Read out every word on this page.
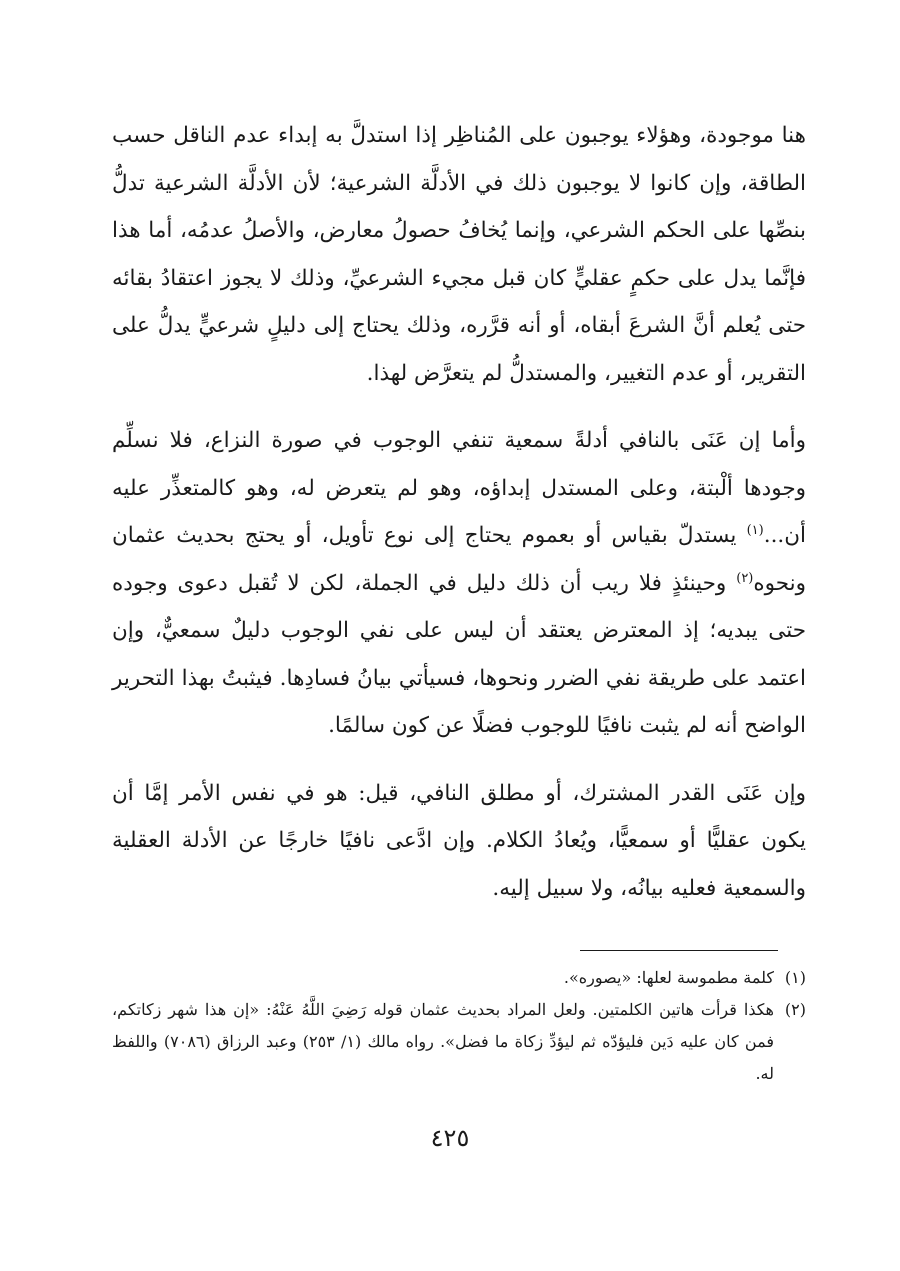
هنا موجودة، وهؤلاء يوجبون على المُناظِر إذا استدلَّ به إبداء عدم الناقل حسب الطاقة، وإن كانوا لا يوجبون ذلك في الأدلَّة الشرعية؛ لأن الأدلَّة الشرعية تدلُّ بنصِّها على الحكم الشرعي، وإنما يُخافُ حصولُ معارض، والأصلُ عدمُه، أما هذا فإنَّما يدل على حكمٍ عقليٍّ كان قبل مجيء الشرعيِّ، وذلك لا يجوز اعتقادُ بقائه حتى يُعلم أنَّ الشرعَ أبقاه، أو أنه قرَّره، وذلك يحتاج إلى دليلٍ شرعيٍّ يدلُّ على التقرير، أو عدم التغيير، والمستدلُّ لم يتعرَّض لهذا.

وأما إن عَنَى بالنافي أدلةً سمعية تنفي الوجوب في صورة النزاع، فلا نسلِّم وجودها ألْبتة، وعلى المستدل إبداؤه، وهو لم يتعرض له، وهو كالمتعذِّر عليه أن...$^{(١)}$ يستدلّ بقياس أو بعموم يحتاج إلى نوع تأويل، أو يحتج بحديث عثمان ونحوه$^{(٢)}$ وحينئذٍ فلا ريب أن ذلك دليل في الجملة، لكن لا تُقبل دعوى وجوده حتى يبديه؛ إذ المعترض يعتقد أن ليس على نفي الوجوب دليلٌ سمعيٌّ، وإن اعتمد على طريقة نفي الضرر ونحوها، فسيأتي بيانُ فسادِها. فيثبتُ بهذا التحرير الواضح أنه لم يثبت نافيًا للوجوب فضلًا عن كون سالمًا.

وإن عَنَى القدر المشترك، أو مطلق النافي، قيل: هو في نفس الأمر إمَّا أن يكون عقليًّا أو سمعيًّا، ويُعادُ الكلام. وإن ادَّعى نافيًا خارجًا عن الأدلة العقلية والسمعية فعليه بيانُه، ولا سبيل إليه.

(١)
كلمة مطموسة لعلها: «يصوره».
(٢)
هكذا قرأت هاتين الكلمتين. ولعل المراد بحديث عثمان قوله رَضِيَ اللَّهُ عَنْهُ: «إن هذا شهر زكاتكم، فمن كان عليه دَين فليؤدّه ثم ليؤدِّ زكاة ما فضل». رواه مالك (١/ ٢٥٣) وعبد الرزاق (٧٠٨٦) واللفظ له.
٤٢٥
